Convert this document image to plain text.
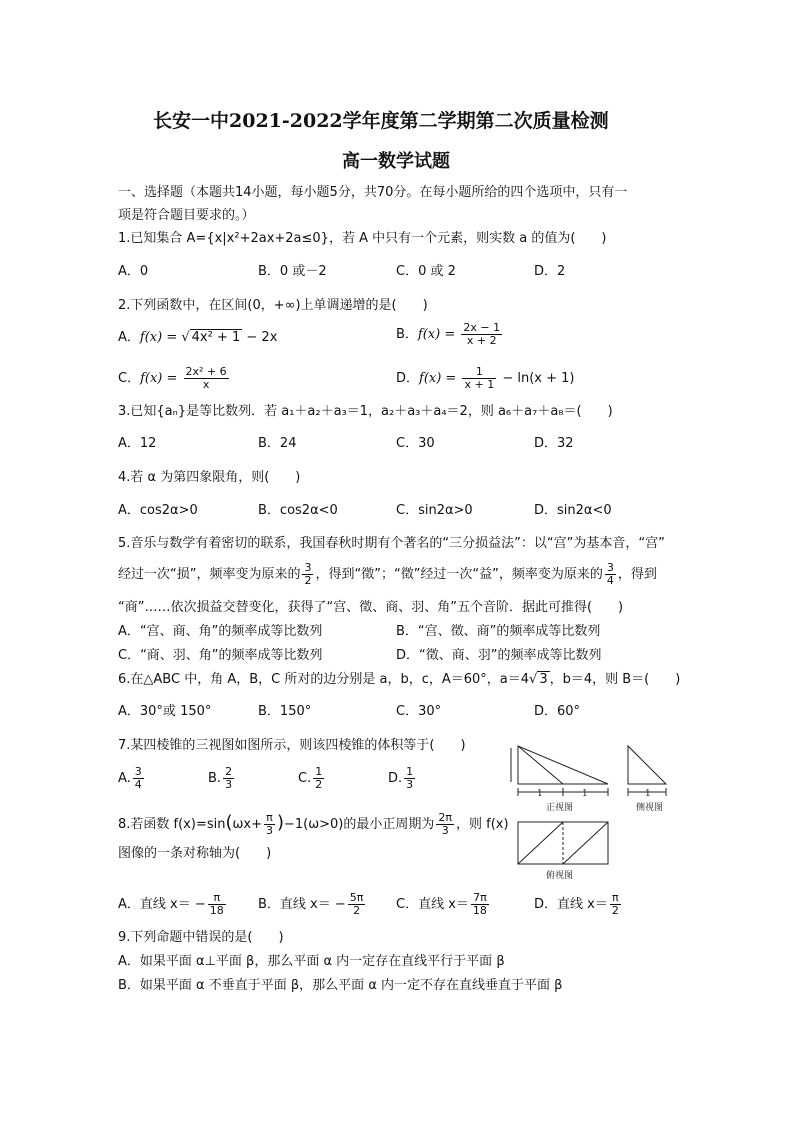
长安一中2021-2022学年度第二学期第二次质量检测
高一数学试题
一、选择题（本题共14小题，每小题5分，共70分。在每小题所给的四个选项中，只有一
项是符合题目要求的。）
1.已知集合 A={x|x²+2ax+2a≤0}，若 A 中只有一个元素，则实数 a 的值为(　　)
A．0	B．0 或－2	C．0 或 2	D．2
2.下列函数中，在区间(0，+∞)上单调递增的是(　　)
A．f(x) = √ 4x² + 1 − 2x	B．$f(x) = \frac{2x - 1}{x + 2}$
C．$f(x) = \frac{\text{2x² + 6}}{x}$	D．$f(x) = \frac{1}{x + 1} - \ln(x + 1)$
3.已知{aₙ}是等比数列．若 a₁＋a₂＋a₃＝1，a₂＋a₃＋a₄＝2，则 a₆＋a₇＋a₈＝(　　)
A．12	B．24	C．30	D．32
4.若 α 为第四象限角，则(　　)
A．cos2α>0	B．cos2α<0	C．sin2α>0	D．sin2α<0
5.音乐与数学有着密切的联系，我国春秋时期有个著名的“三分损益法”：以“宫”为基本音，“宫”
经过一次“损”，频率变为原来的 $\frac{3}{2}$ ，得到“徵”；“徵”经过一次“益”，频率变为原来的 $\frac{3}{4}$ ，得到
“商”……依次损益交替变化，获得了“宫、徵、商、羽、角”五个音阶．据此可推得(　　)
A．“宫、商、角”的频率成等比数列	B．“宫、徵、商”的频率成等比数列
C．“商、羽、角”的频率成等比数列	D．“徵、商、羽”的频率成等比数列
6.在△ABC 中，角 A，B，C 所对的边分别是 a，b，c，A＝60°，a＝4√ 3 ，b＝4，则 B＝(　　)
A．30°或 150°	B．150°	C．30°	D．60°
7.某四棱锥的三视图如图所示，则该四棱锥的体积等于(　　)
A. $\frac{3}{4}$	B. $\frac{2}{3}$	C. $\frac{1}{2}$	D. $\frac{1}{3}$
1	1
正视图
1
侧视图
俯视图
8.若函数 $f(x)=\sin(\omega x+ \frac{\pi}{3} )-1(\omega>0)$的最小正周期为 $\frac{2\pi}{3}$ ，则 f(x)
图像的一条对称轴为(　　)
A．直线 $x= - \frac{\pi}{18}$ B．直线 $x= - \frac{5\pi}{2}$ C．直线 $x= \frac{7\pi}{18}$	D．直线 $x= \frac{\pi}{2}$
9.下列命题中错误的是(　　)
A．如果平面 α⊥平面 β，那么平面 α 内一定存在直线平行于平面 β
B．如果平面 α 不垂直于平面 β，那么平面 α 内一定不存在直线垂直于平面 β
